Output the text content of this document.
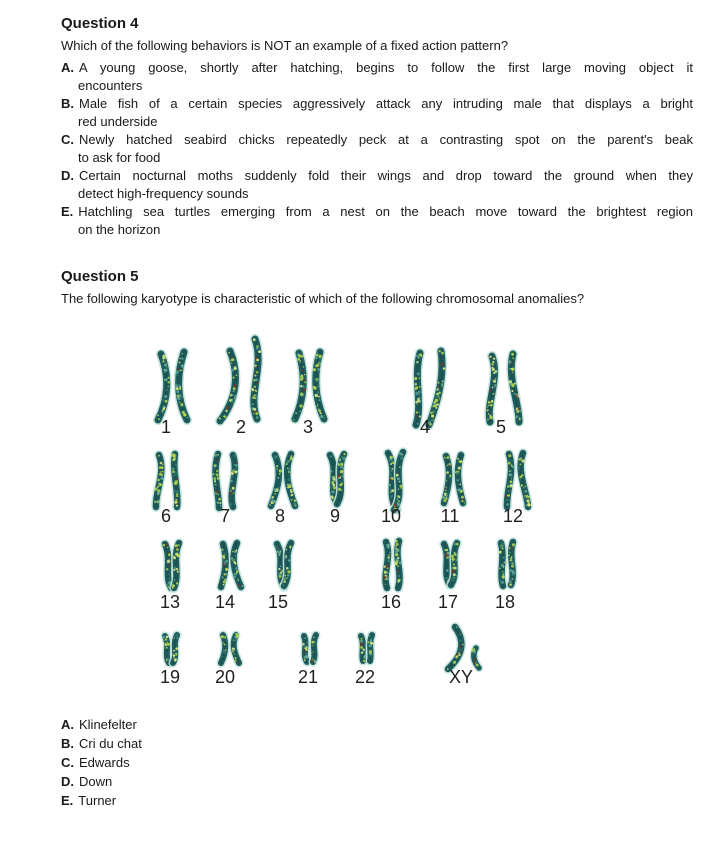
Question 4
Which of the following behaviors is NOT an example of a fixed action pattern?
A. A young goose, shortly after hatching, begins to follow the first large moving object it
encounters
B. Male fish of a certain species aggressively attack any intruding male that displays a bright
red underside
C. Newly hatched seabird chicks repeatedly peck at a contrasting spot on the parent's beak
to ask for food
D. Certain nocturnal moths suddenly fold their wings and drop toward the ground when they
detect high-frequency sounds
E. Hatchling sea turtles emerging from a nest on the beach move toward the brightest region
on the horizon
Question 5
The following karyotype is characteristic of which of the following chromosomal anomalies?
1	2	3	4	5
6	7 8 9 10 11 12
13 14 15	16 17 18
19 20	21 22	XY
A. Klinefelter
B. Cri du chat
C. Edwards
D. Down
E. Turner
